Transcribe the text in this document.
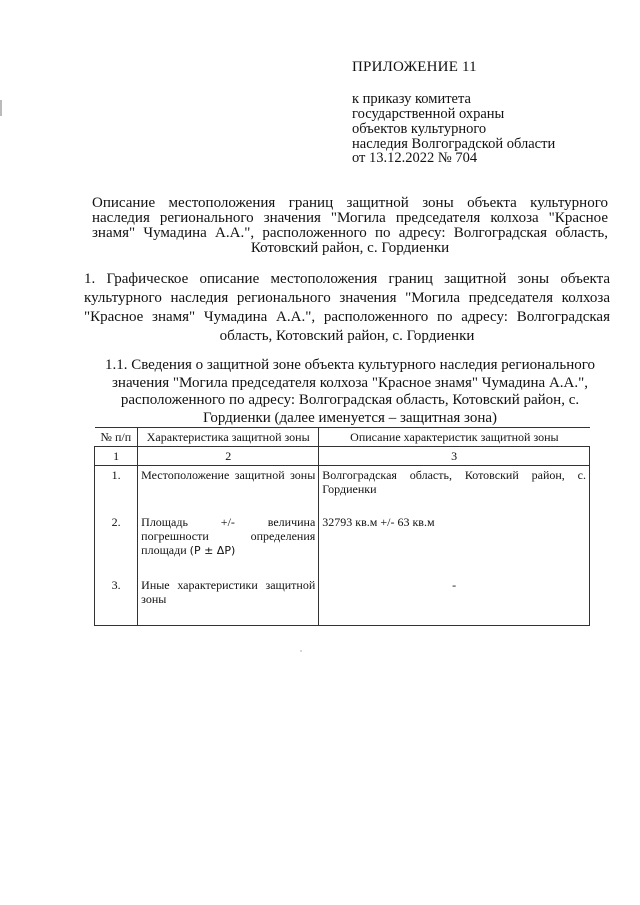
ПРИЛОЖЕНИЕ 11
к приказу комитета
государственной охраны
объектов культурного
наследия Волгоградской области
от 13.12.2022 № 704
Описание местоположения границ защитной зоны объекта культурного наследия регионального значения "Могила председателя колхоза "Красное знамя" Чумадина А.А.", расположенного по адресу: Волгоградская область, Котовский район, с. Гордиенки
1. Графическое описание местоположения границ защитной зоны объекта культурного наследия регионального значения "Могила председателя колхоза "Красное знамя" Чумадина А.А.", расположенного по адресу: Волгоградская область, Котовский район, с. Гордиенки
1.1. Сведения о защитной зоне объекта культурного наследия регионального значения "Могила председателя колхоза "Красное знамя" Чумадина А.А.", расположенного по адресу: Волгоградская область, Котовский район, с. Гордиенки (далее именуется – защитная зона)
№ п/п	Характеристика защитной зоны	Описание характеристик защитной зоны
1	2	3
1.	Местоположение защитной зоны	Волгоградская область, Котовский район, с. Гордиенки
2.	Площадь +/- величина погрешности определения площади (P ± ΔP)	32793 кв.м +/- 63 кв.м
3.	Иные характеристики защитной зоны	-
